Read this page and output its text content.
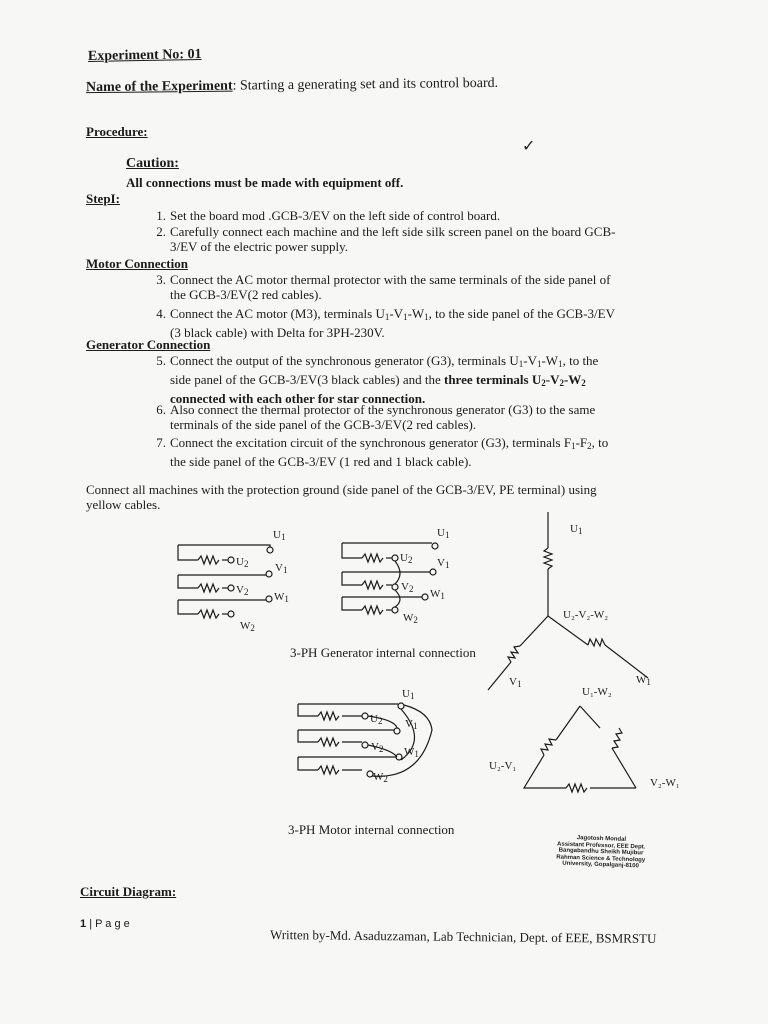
Experiment No: 01
Name of the Experiment: Starting a generating set and its control board.
Procedure:
✓
Caution:
All connections must be made with equipment off.
StepI:
1. Set the board mod .GCB-3/EV on the left side of control board.
2. Carefully connect each machine and the left side silk screen panel on the board GCB-
3/EV of the electric power supply.
Motor Connection
3. Connect the AC motor thermal protector with the same terminals of the side panel of
the GCB-3/EV(2 red cables).
4. Connect the AC motor (M3), terminals $U_1-V_1-W_1$, to the side panel of the GCB-3/EV
(3 black cable) with Delta for 3PH-230V.
Generator Connection
5. Connect the output of the synchronous generator (G3), terminals $U_1-V_1-W_1$, to the
side panel of the GCB-3/EV(3 black cables) and the three terminals $U_2-V_2-W_2$
connected with each other for star connection.
6. Also connect the thermal protector of the synchronous generator (G3) to the same
terminals of the side panel of the GCB-3/EV(2 red cables).
7. Connect the excitation circuit of the synchronous generator (G3), terminals $F_1-F_2$, to
the side panel of the GCB-3/EV (1 red and 1 black cable).
Connect all machines with the protection ground (side panel of the GCB-3/EV, PE terminal) using
yellow cables.
$U_1$
$U_2$ $V_1$
$V_2$ $W_1$
$W_2$
$U_1$
$U_2$ $V_1$
$V_2$ $W_1$
$W_2$
3-PH Generator internal connection
$U_1$
U₂-V₂-W₂
$V_1$	$W_1$
$U_1$
$U_2$ $V_1$
$V_2$ $W_1$
$W_2$
U₁-W₂
U₂-V₁
V₂-W₁
3-PH Motor internal connection
Jagotosh Mondal
Assistant Professor, EEE Dept.
Bangabandhu Sheikh Mujibur
Rahman Science & Technology
University, Gopalganj-8100
Circuit Diagram:
1 | P a g e
Written by-Md. Asaduzzaman, Lab Technician, Dept. of EEE, BSMRSTU
